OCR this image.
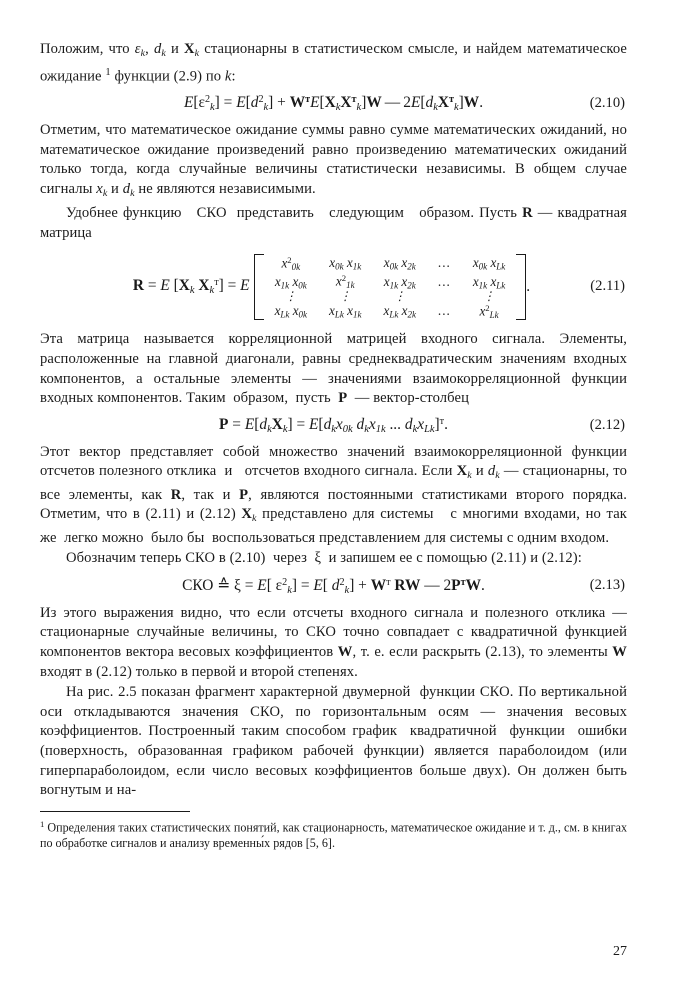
Положим, что $\varepsilon_k$, $d_k$ и $X_k$ стационарны в статистическом смысле, и найдем математическое ожидание $^1$ функции (2.9) по k:

$E[\varepsilon^2_k] = E[d^2_k] + W^тE[X_kX^т_k]W$ — $2E[d_kX^т_k]W$.	(2.10)

Отметим, что математическое ожидание суммы равно сумме математических ожиданий, но математическое ожидание произведений равно произведению математических ожиданий только тогда, когда случайные величины статистически независимы. В общем случае сигналы $x_k$ и $d_k$ не являются независимыми.

Удобнее функцию   СКО  представить   следующим   образом. Пусть R — квадратная матрица

R = E [$X_k$ $X_k^т] = E$
$x^2_{0k}$	$x_{0k}$ $x_{1k}$	$x_{0k}$ $x_{2k}$	...	$x_{0k}$ $x_{Lk}$
$x_{1k}$ $x_{0k}$	$x^2_{1k}$	$x_{1k}$ $x_{2k}$	...	$x_{1k}$ $x_{Lk}$
⋮	⋮	⋮		⋮
$x_{Lk}$ $x_{0k}$	$x_{Lk}$ $x_{1k}$	$x_{Lk}$ $x_{2k}$	...	$x^2_{Lk}$
.	(2.11)

Эта матрица называется корреляционной матрицей входного сигнала. Элементы, расположенные на главной диагонали, равны среднеквадратическим значениям входных компонентов, а остальные элементы — значениями взаимокорреляционной функции входных компонентов. Таким  образом,  пусть  P  — вектор-столбец

$P = E[d_kX_k] = E[d_kx_{0k}$ $d_kx_{1k}$ ... $d_kx_{Lk}]^т$.	(2.12)

Этот вектор представляет собой множество значений взаимокорреляционной функции отсчетов полезного отклика  и   отсчетов входного сигнала. Если $X_k$ и $d_k$ — стационарны, то все элементы, как R, так и P, являются постоянными статистиками второго порядка. Отметим, что в (2.11) и (2.12) $X_k$ представлено для системы   с многими входами, но так же  легко можно  было бы  воспользоваться представлением для системы с одним входом.

Обозначим теперь СКО в (2.10)  через  ξ  и запишем ее с помощью (2.11) и (2.12):

СКО ≙ ξ = E[ $\varepsilon^2_k] = E$[ $d^2_k] + W^т$ RW — $2P^тW$.	(2.13)

Из этого выражения видно, что если отсчеты входного сигнала и полезного отклика — стационарные случайные величины, то СКО точно совпадает с квадратичной функцией компонентов вектора весовых коэффициентов W, т. е. если раскрыть (2.13), то элементы W входят в (2.12) только в первой и второй степенях.

На рис. 2.5 показан фрагмент характерной двумерной  функции СКО. По вертикальной оси откладываются значения СКО, по горизонтальным осям — значения весовых коэффициентов. Построенный таким способом график  квадратичной  функции  ошибки (поверхность, образованная графиком рабочей функции) является параболоидом (или гиперпараболоидом, если число весовых коэффициентов больше двух). Он должен быть вогнутым и на-

$^1$ Определения таких статистических понятий, как стационарность, математическое ожидание и т. д., см. в книгах по обработке сигналов и анализу временны́х рядов [5, 6].

27
